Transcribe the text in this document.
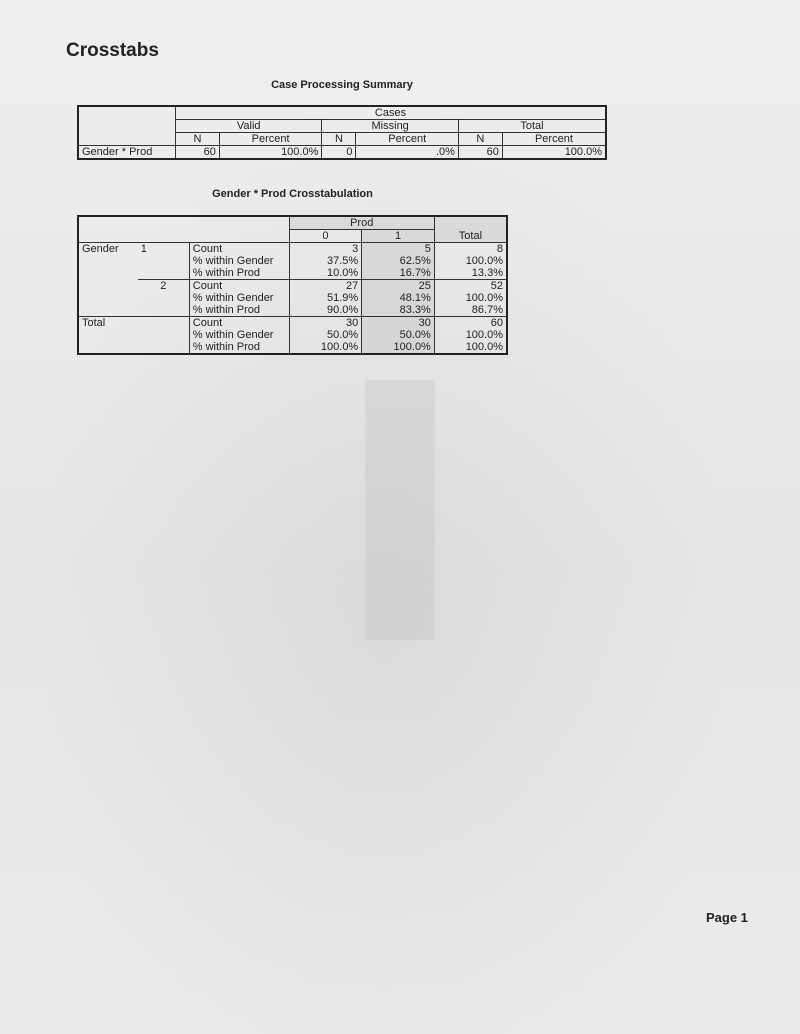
Crosstabs

Case Processing Summary

	Cases					
	Valid		Missing		Total	
	N	Percent	N	Percent	N	Percent
Gender * Prod	60	100.0%	0	.0%	60	100.0%

Gender * Prod Crosstabulation

			Prod		Total
			0	1	
Gender	1	Count	3	5	8
		% within Gender	37.5%	62.5%	100.0%
		% within Prod	10.0%	16.7%	13.3%
	2	Count	27	25	52
		% within Gender	51.9%	48.1%	100.0%
		% within Prod	90.0%	83.3%	86.7%
Total		Count	30	30	60
		% within Gender	50.0%	50.0%	100.0%
		% within Prod	100.0%	100.0%	100.0%

Page 1
